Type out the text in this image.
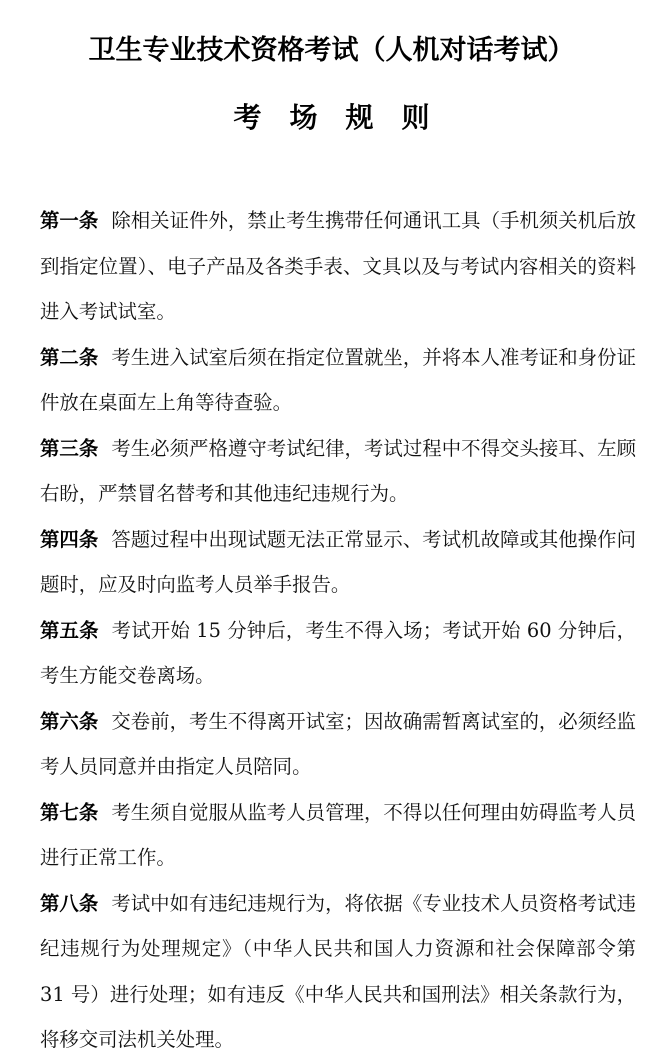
卫生专业技术资格考试（人机对话考试）
考场规则
第一条 除相关证件外，禁止考生携带任何通讯工具（手机须关机后放到指定位置）、电子产品及各类手表、文具以及与考试内容相关的资料进入考试试室。
第二条 考生进入试室后须在指定位置就坐，并将本人准考证和身份证件放在桌面左上角等待查验。
第三条 考生必须严格遵守考试纪律，考试过程中不得交头接耳、左顾右盼，严禁冒名替考和其他违纪违规行为。
第四条 答题过程中出现试题无法正常显示、考试机故障或其他操作问题时，应及时向监考人员举手报告。
第五条 考试开始 15 分钟后，考生不得入场；考试开始 60 分钟后，考生方能交卷离场。
第六条 交卷前，考生不得离开试室；因故确需暂离试室的，必须经监考人员同意并由指定人员陪同。
第七条 考生须自觉服从监考人员管理，不得以任何理由妨碍监考人员进行正常工作。
第八条 考试中如有违纪违规行为，将依据《专业技术人员资格考试违纪违规行为处理规定》（中华人民共和国人力资源和社会保障部令第 31 号）进行处理；如有违反《中华人民共和国刑法》相关条款行为，将移交司法机关处理。
